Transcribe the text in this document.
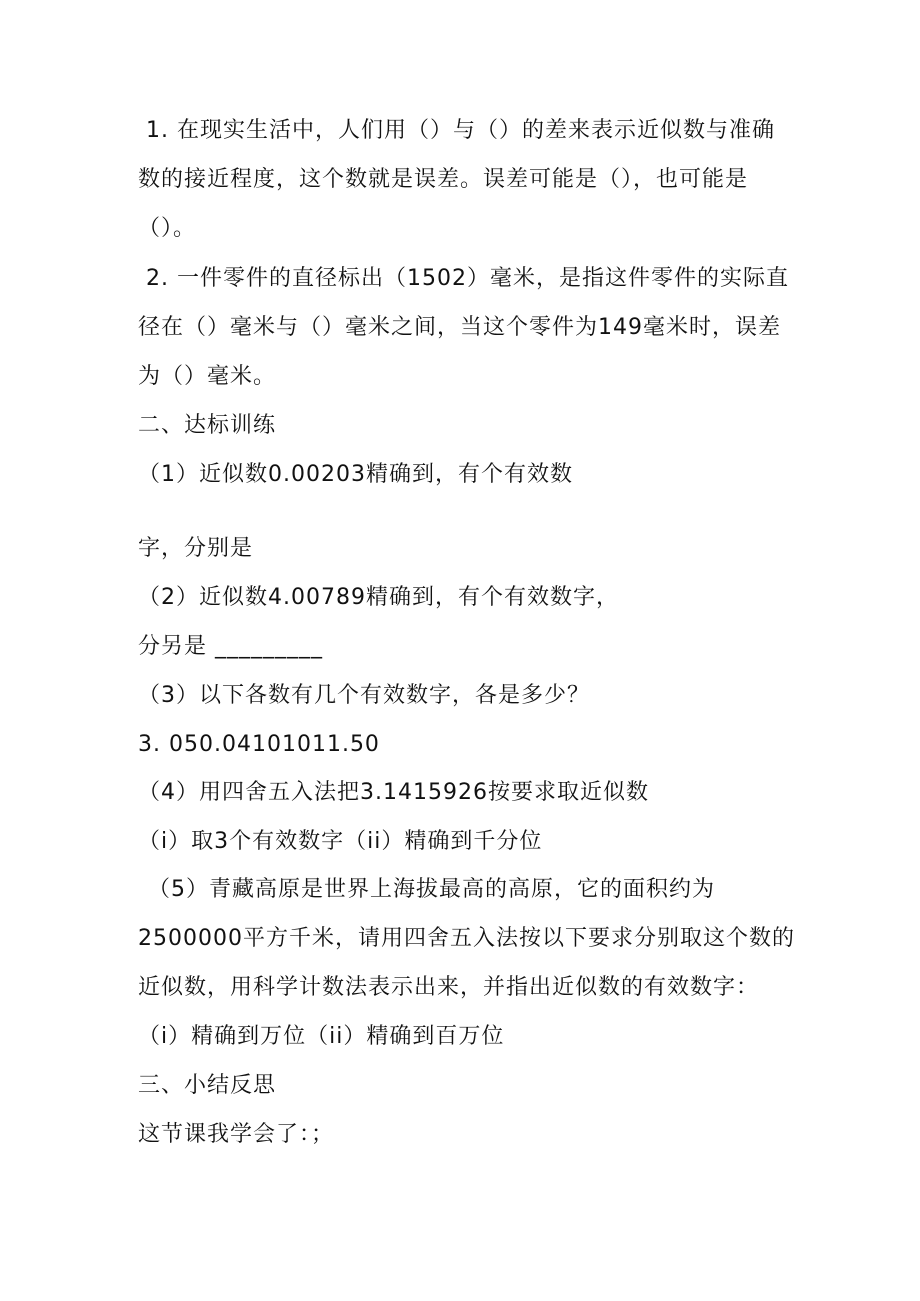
1. 在现实生活中，人们用（）与（）的差来表示近似数与准确
数的接近程度，这个数就是误差。误差可能是（），也可能是
（）。
2. 一件零件的直径标出（1502）毫米，是指这件零件的实际直
径在（）毫米与（）毫米之间，当这个零件为149毫米时，误差
为（）毫米。
二、达标训练
（1）近似数0.00203精确到，有个有效数
字，分别是
（2）近似数4.00789精确到，有个有效数字，
分另是 _________
（3）以下各数有几个有效数字，各是多少？
3. 050.04101011.50
（4）用四舍五入法把3.1415926按要求取近似数
（i）取3个有效数字（ii）精确到千分位
（5）青藏高原是世界上海拔最高的高原，它的面积约为
2500000平方千米，请用四舍五入法按以下要求分别取这个数的
近似数，用科学计数法表示出来，并指出近似数的有效数字：
（i）精确到万位（ii）精确到百万位
三、小结反思
这节课我学会了：；
